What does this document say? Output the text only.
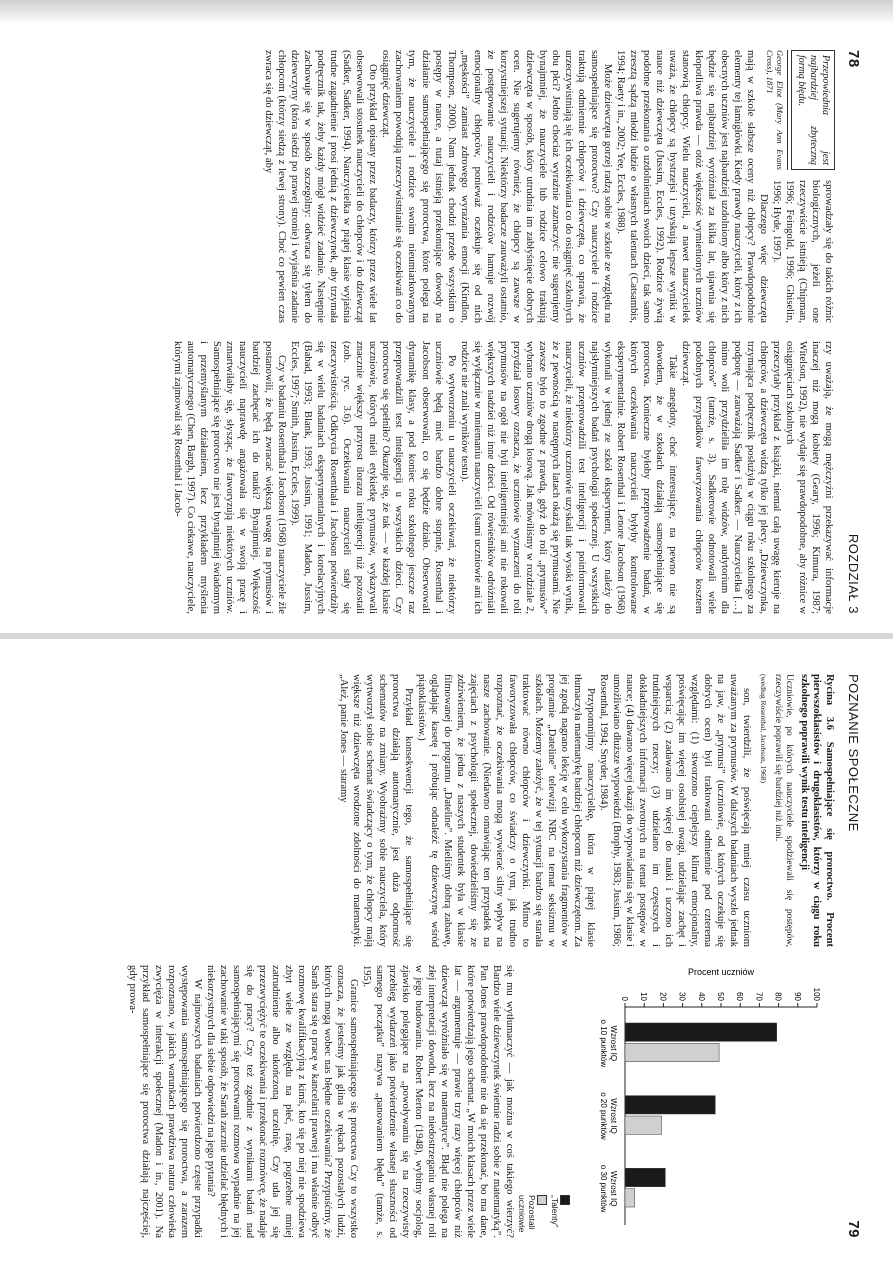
78
ROZDZIAŁ 3
Przepowiednia jest najbardziej zbyteczną formą błędu.
George Eliot (Mary Ann Evans Cross), 1871

sprowadzały się do takich różnic biologicznych, jeżeli one rzeczywiście istnieją (Chipman, 1996; Feingold, 1996; Ghiselin, 1996; Hyde, 1997).

Dlaczego więc dziewczęta mają w szkole słabsze oceny niż chłopcy? Prawdopodobnie elementy tej łamigłówki. Kiedy prawdy nauczycieli, który z ich obecnych uczniów jest najbardziej uzdolniony albo który z nich będzie się najbardziej wyróżniał za kilka lat, ujawnia się kłopotliwa prawda — otóż większość wymienionych uczniów stanowią chłopcy. Wielu nauczycieli, a nawet nauczycielek uważa, że chłopcy są bystrzejsi i uzyskują lepsze wyniki w nauce niż dziewczęta (Jussim, Eccles, 1992). Rodzice żywią podobne przekonania o uzdolnieniach swoich dzieci, tak samo zresztą sądzą młodzi ludzie o własnych talentach (Catsambis, 1994; Raety i in., 2002; Yee, Eccles, 1988).

Może dziewczęta gorzej radzą sobie w szkole ze względu na samospełniające się proroctwo? Czy nauczyciele i rodzice traktują odmiennie chłopców i dziewczęta, co sprawia, że urzeczywistniają się ich oczekiwania co do osiągnięć szkolnych obu płci? Jedno chociaż wyraźnie zaznaczyć: nie sugerujemy bynajmniej, że nauczyciele lub rodzice celowo traktują dziewczęta w sposób, który utrudnia im zabłyśnięcie dobrych ocen. Nie sugerujemy również, że chłopcy są zawsze w korzystniejszej sytuacji. Niektórzy badacze zauważyli ostatnio, że postępowanie nauczycieli i rodziców hamuje rozwój emocjonalny chłopców, ponieważ oczekuje się od nich „męskości” zamiast zdrowego wyrażania emocji (Kindlon, Thompson, 2000). Nam jednak chodzi przede wszystkim o postępy w nauce, a tutaj istnieją przekonujące dowody na działanie samospełniającego się proroctwa, które polega na tym, że nauczyciele i rodzice swoim nieumiarkowanym zachowaniem powodują urzeczywistnianie się oczekiwań co do osiągnięć dziewcząt.

Oto przykład opisany przez badaczy, którzy przez wiele lat obserwowali stosunek nauczycieli do chłopców i do dziewcząt (Sadker, Sadker, 1994). Nauczycielka w piątej klasie wyjaśnia trudne zagadnienie i prosi jednią z dziewczynek, aby trzymała podręcznik tak, żeby każdy mógł widzieć zadanie. Następnie zachowuje się w sposób szczególny: odwraca się tyłem do dziewczyny (która siedzi po prawej stronie) i wyjaśnia zadanie chłopcom (którzy siedzą z lewej strony). Choć co pewien czas zwraca się do dziewcząt, aby

rzy uważają, że mogą mężczyźni przekazywać informacje inaczej niż mogą kobiety (Geary, 1996; Kimura, 1987; Witelson, 1992), nie wydaje się prawdopodobne, aby różnice w osiągnięciach szkolnych

przeczytały przykład z książki, niemal całą uwagę kieruje na chłopców, a dziewczęta widzą tylko jej plecy. „Dziewczynka, trzymająca podręcznik posłużyła w ciągu roku szkolnego za podporę — zauważają Sadker i Sadker. — Nauczycielka […] mimo woli przydzieliła im rolę widzów, audytorium dla chłopców” (tamże, s. 3). Sadkerowie odnotowali wiele podobnych przypadków faworyzowania chłopców kosztem dziewcząt.

Takie anegdoty, choć interesujące, na pewno nie są dowodem, że w szkołach działają samospełniające się proroctwa. Konieczne byłoby przeprowadzenie badań, w których oczekiwania nauczycieli byłyby kontrolowane eksperymentalnie. Robert Rosenthal i Lenore Jacobson (1968) wykonali w jednej ze szkół eksperyment, który należy do najsłynniejszych badań psychologii społecznej. U wszystkich uczniów przeprowadzili test inteligencji i poinformowali nauczycieli, że niektórzy uczniowie uzyskali tak wysoki wynik, że z pewnością w następnych latach okażą się prymusami. Nie zawsze było to zgodne z prawdą, gdyż do roli „prymusów” wybrano uczniów drogą losową. Jak mówiliśmy w rozdziale 2, przydział losowy oznacza, że uczniowie wyznaczeni do roli prymusów na ogół nie byli inteligentniejsi ani nie rokowali większych nadziei niż inne dzieci. Od rówieśników odróżniali się wyłącznie w mniemaniu nauczycieli (sami uczniowie ani ich rodzice nie znali wyników testu).

Po wytworzeniu u nauczycieli oczekiwań, że niektórzy uczniowie będą mieć bardzo dobre stopnie, Rosenthal i Jacobson obserwowali, co się będzie działo. Obserwowali dynamikę klasy, a pod koniec roku szkolnego jeszcze raz przeprowadzili test inteligencji u wszystkich dzieci. Czy proroctwo się spełniło? Okazuje się, że tak — w każdej klasie uczniowie, których mieli etykietkę prymusów, wykazywali znacznie większy przyrost ilorazu inteligencji niż pozostali (zob. ryc. 3.6). Oczekiwania nauczycieli stały się rzeczywistością. Odkrycia Rosenthala i Jacobson potwierdziły się w wielu badaniach eksperymentalnych i korelacyjnych (Babad, 1993; Blank, 1993; Jussim, 1991; Madon, Jussim, Eccles, 1997; Smith, Jussim, Eccles, 1999).

Czy w badaniu Rosenthala i Jacobson (1968) nauczyciele źle postanowili, że będą zwracać większą uwagę na prymusów i bardziej zachęcać ich do nauki? Bynajmniej. Większość nauczycieli naprawdę angażowała się w swoją pracę i zmartwiłaby się, słysząc, że faworyzują niektórych uczniów. Samospełniające się proroctwo nie jest bynajmniej świadomym i przemyślanym działaniem, lecz przykładem myślenia automatycznego (Chen, Bargh, 1997). Co ciekawe, nauczyciele, którymi zajmowali się Rosenthal i Jacob-

POZNANIE SPOŁECZNE
79
Rycina 3.6 Samospełniające się proroctwo. Procent pierwszoklasistów i drugoklasistów, którzy w ciągu roku szkolnego poprawili wynik testu inteligencji
Uczniowie, po których nauczyciele spodziewali się postępów, rzeczywiście poprawili się bardziej niż inni.
(według Rosenthal, Jacobson, 1968)

son, twierdzili, że poświęcają mniej czasu uczniom uważanym za prymusów. W dalszych badaniach wyszło jednak na jaw, że „prymusi” (uczniowie, od których oczekuje się dobrych ocen) byli traktowani odmiennie pod czterema względami: (1) stworzono cieplejszy klimat emocjonalny, poświęcając im więcej osobistej uwagi, udzielając zachęt i wsparcia; (2) zadawano im więcej do nauki i uczono ich trudniejszych rzeczy; (3) udzielano im częstszych i dokładniejszych informacji zwrotnych na temat postępów w nauce; (4) dawano więcej okazji do wypowiadania się w klasie i umożliwiano dłuższe wypowiedzi (Brophy, 1983; Jussim, 1986; Rosenthal, 1994; Snyder, 1984).

Przypomnijmy nauczycielkę, która w piątej klasie tłumaczyła matematykę bardziej chłopcom niż dziewczętom. Za jej zgodą nagrano lekcję w celu wykorzystania fragmentów w programie „Dateline” telewizji NBC na temat seksizmu w szkołach. Możemy założyć, że w tej sytuacji bardzo się starała traktować równo chłopców i dziewczynki. Mimo to faworyzowała chłopców, co świadczy o tym, jak trudno rozpoznać, że oczekiwania mogą wywierać silny wpływ na nasze zachowanie. (Niedawno omawiając ten przypadek na zajęciach z psychologii społecznej, dowiedzieliśmy się ze zdziwieniem, że jedna z naszych studentek była w klasie filmowanej do programu „Dateline”. Mieliśmy dobrą zabawę, oglądając kasetę i próbując odnaleźć tę dziewczynę wśród piątoklasistów.)

Przykład konsekwencji tego, że samospełniające się proroctwa działają automatycznie, jest duża odporność schematów na zmiany. Wyobraźmy sobie nauczyciela, który wytworzył sobie schemat świadczący o tym, że chłopcy mają większe niż dziewczęta wrodzone zdolności do matematyki. „Ależ, panie Jones — staramy

Procent uczniów
0 10 20 30 40 50 60 70 80 90 100
Wzrost IQ
o 10 punktów
Wzrost IQ
o 20 punktów
Wzrost IQ
o 30 punktów
„Talenty”
Pozostali uczniowie

się mu wytłumaczyć — jak można w coś takiego wierzyć? Bardzo wiele dziewczynek świetnie radzi sobie z matematyką”. Pan Jones prawdopodobnie nie da się przekonać, bo ma dane, które potwierdzają jego schemat. „W moich klasach przez wiele lat — argumentuje — prawie trzy razy więcej chłopców niż dziewcząt wyróżniało się w matematyce”. Błąd nie polega na złej interpretacji dowodu, lecz na niedostrzeganiu własnej roli w jego budowaniu. Robert Merton (1948), wybitny socjolog, zjawisko polegające na „powoływaniu się na rzeczywisty przebieg wydarzeń jako potwierdzenie własnej słuszności od samego początku” nazywa „panowaniem błędu” (tamże, s. 195).

Granice samospełniającego się proroctwa Czy to wszystko oznacza, że jesteśmy jak glina w rękach pozostałych ludzi, których mogą wobec nas błędne oczekiwania? Przypuśćmy, że Sarah stara się o pracę w kancelarii prawnej i ma właśnie odbyć rozmowę kwalifikacyjną z kimś, kto się po niej nie spodziewa zbyt wiele ze względu na płeć, rasę, pogrzebne mniej zatrudnienie albo ukończoną uczelnię. Czy uda jej się przezwyciężyć te oczekiwania i przekonać rozmówcę, że nadaje się do pracy? Czy też zgodnie z wynikami badań nad samospełniającymi się proroctwami rozmowa wypadnie na jej zachowanie w taki sposób, że Sarah zacznie udzielać błędnych i niekorzystnych dla siebie odpowiedzi na jego pytania?

W najnowszych badaniach potwierdzono częste przypadki występowania samospełniającego się proroctwa, a zarazem rozpoznano, w jakich warunkach prawdziwa natura człowieka zwycięża w interakcji społecznej (Madon i in., 2001). Na przykład samospełniające się proroctwa działają najczęściej, gdy prowa-
